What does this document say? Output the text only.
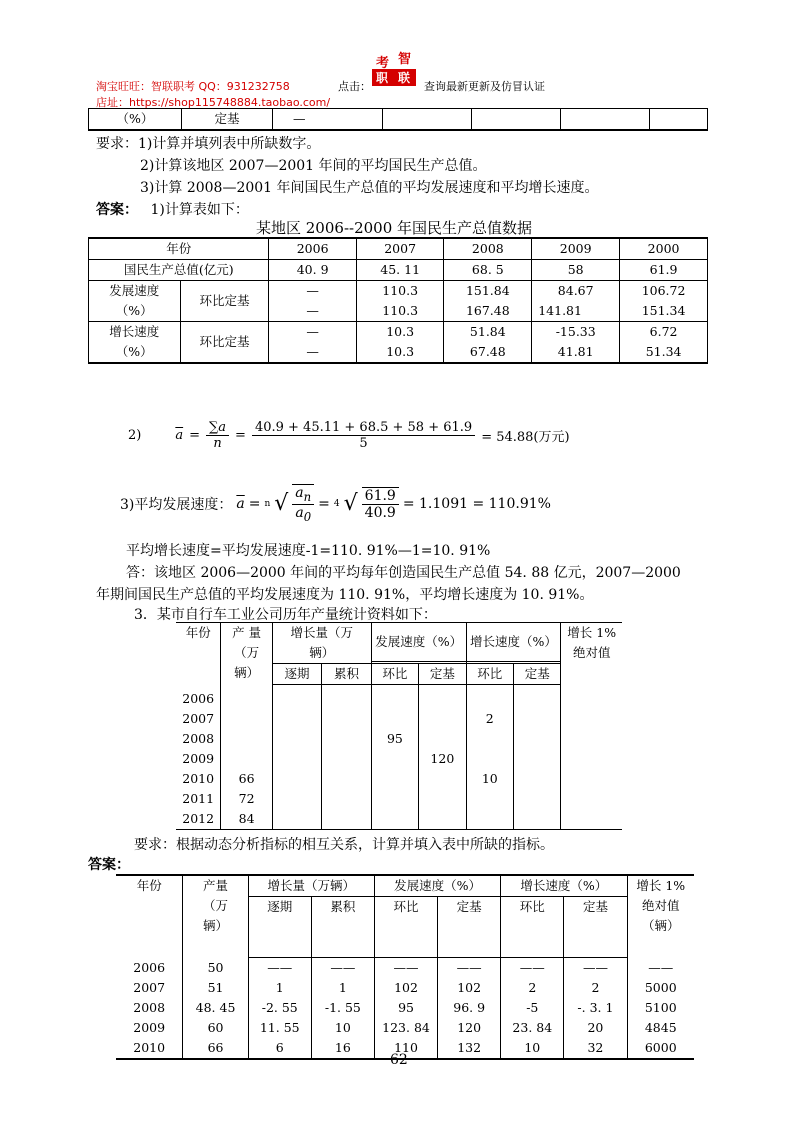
淘宝旺旺：智联职考 QQ：931232758
店址：https://shop115748884.taobao.com/
点击：
考 智
职 联
查询最新更新及仿冒认证
（%）	定基	—				
要求：1)计算并填列表中所缺数字。
2)计算该地区 2007—2001 年间的平均国民生产总值。
3)计算 2008—2001 年间国民生产总值的平均发展速度和平均增长速度。
答案： 1)计算表如下：
某地区 2006--2000 年国民生产总值数据
年份		2006	2007	2008	2009	2000
国民生产总值(亿元)		40. 9	45. 11	68. 5	58	61.9
发展速度
（%）	环比定基	—	110.3	151.84	84.67	106.72
		—	110.3	167.48	141.81	151.34
增长速度
（%）	环比定基	—	10.3	51.84	-15.33	6.72
		—	10.3	67.48	41.81	51.34
2)	$\overline{a} = \frac{\sum a}{n} = \frac{40.9 + 45.11 + 68.5 + 58 + 61.9}{5} = 54.88$(万元)
3)平均发展速度： $\overline{a} = n$ √ $\frac{a_n}{a_0} = 4$ √ $\frac{61.9}{40.9} = 1.1091 = 110.91\%$
平均增长速度=平均发展速度-1=110. 91%—1=10. 91%
答：该地区 2006—2000 年间的平均每年创造国民生产总值 54. 88 亿元，2007—2000
年期间国民生产总值的平均发展速度为 110. 91%，平均增长速度为 10. 91%。
3．某市自行车工业公司历年产量统计资料如下：
年份	产 量
（万
辆）	增长量（万
辆）		发展速度（%）		增长速度（%）		增长 1%
绝对值

		逐期	累积	环比	定基	环比	定基	
2006								
2007						2		
2008				95				
2009					120			
2010	66					10		
2011	72							
2012	84							
要求：根据动态分析指标的相互关系，计算并填入表中所缺的指标。
答案：
年份	产量
（万
辆）	增长量（万辆）		发展速度（%）		增长速度（%）		增长 1%
绝对值
（辆）
		逐期	累积	环比	定基	环比	定基	
2006	50	——	——	——	——	——	——	——
2007	51	1	1	102	102	2	2	5000
2008	48. 45	-2. 55	-1. 55	95	96. 9	-5	-. 3. 1	5100
2009	60	11. 55	10	123. 84	120	23. 84	20	4845
2010	66	6	16	110	132	10	32	6000
62
